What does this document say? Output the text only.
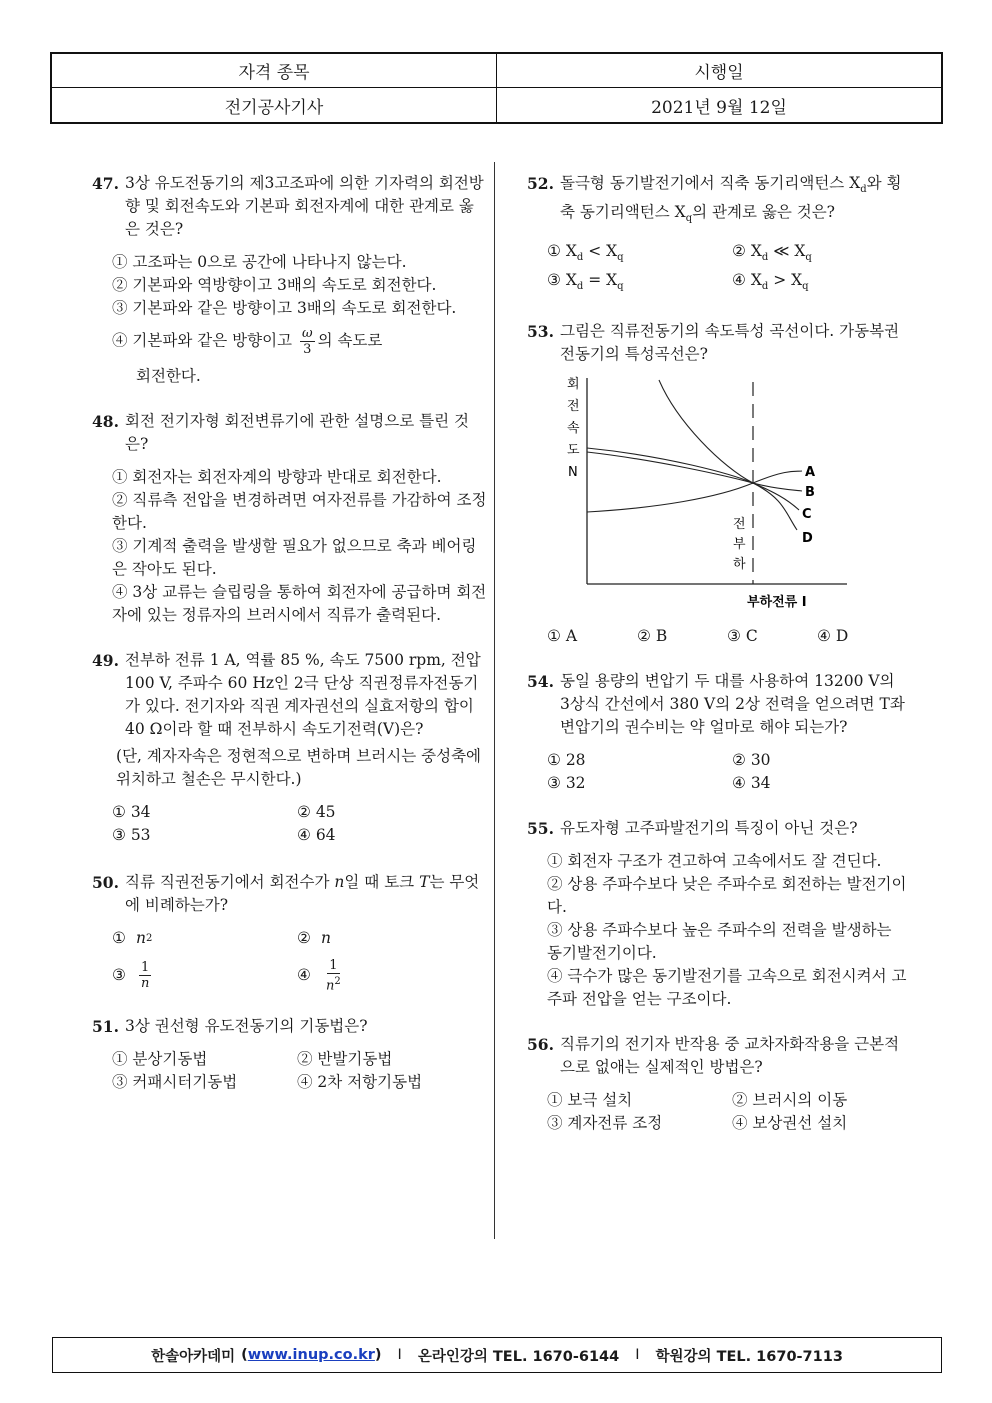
자격 종목	시행일
전기공사기사	2021년 9월 12일
47. 3상 유도전동기의 제3고조파에 의한 기자력의 회전방향 및 회전속도와 기본파 회전자계에 대한 관계로 옳은 것은?
① 고조파는 0으로 공간에 나타나지 않는다.
② 기본파와 역방향이고 3배의 속도로 회전한다.
③ 기본파와 같은 방향이고 3배의 속도로 회전한다.
④ 기본파와 같은 방향이고 $\frac{\omega}{3}$ 의 속도로
회전한다.
48. 회전 전기자형 회전변류기에 관한 설명으로 틀린 것은?
① 회전자는 회전자계의 방향과 반대로 회전한다.
② 직류측 전압을 변경하려면 여자전류를 가감하여 조정한다.
③ 기계적 출력을 발생할 필요가 없으므로 축과 베어링은 작아도 된다.
④ 3상 교류는 슬립링을 통하여 회전자에 공급하며 회전자에 있는 정류자의 브러시에서 직류가 출력된다.
49. 전부하 전류 1 A, 역률 85 %, 속도 7500 rpm, 전압 100 V, 주파수 60 Hz인 2극 단상 직권정류자전동기가 있다. 전기자와 직권 계자권선의 실효저항의 합이 40 Ω이라 할 때 전부하시 속도기전력(V)은?
(단, 계자자속은 정현적으로 변하며 브러시는 중성축에 위치하고 철손은 무시한다.)
① 34	② 45
③ 53	④ 64
50. 직류 직권전동기에서 회전수가 n일 때 토크 T는 무엇에 비례하는가?
① n 2	② n
③	$\frac{1}{n}$	④	$\frac{1}{n^2}$
51. 3상 권선형 유도전동기의 기동법은?
① 분상기동법	② 반발기동법
③ 커패시터기동법	④ 2차 저항기동법
52. 돌극형 동기발전기에서 직축 동기리액턴스 $X_d$와 횡축 동기리액턴스 $X_q$의 관계로 옳은 것은?
① $X_d < X_q$	② $X_d$ ≪ $X_q$
③ $X_d = X_q$	④ $X_d > X_q$
53. 그림은 직류전동기의 속도특성 곡선이다. 가동복권전동기의 특성곡선은?
회
전
속
도
N
전
부
하
A
B
C
D
부하전류 I
① A	② B	③ C	④ D
54. 동일 용량의 변압기 두 대를 사용하여 13200 V의 3상식 간선에서 380 V의 2상 전력을 얻으려면 T좌 변압기의 권수비는 약 얼마로 해야 되는가?
① 28	② 30
③ 32	④ 34
55. 유도자형 고주파발전기의 특징이 아닌 것은?
① 회전자 구조가 견고하여 고속에서도 잘 견딘다.
② 상용 주파수보다 낮은 주파수로 회전하는 발전기이다.
③ 상용 주파수보다 높은 주파수의 전력을 발생하는 동기발전기이다.
④ 극수가 많은 동기발전기를 고속으로 회전시켜서 고주파 전압을 얻는 구조이다.
56. 직류기의 전기자 반작용 중 교차자화작용을 근본적으로 없애는 실제적인 방법은?
① 보극 설치	② 브러시의 이동
③ 계자전류 조정	④ 보상권선 설치
한솔아카데미 (www.inup.co.kr) I 온라인강의 TEL. 1670-6144 I 학원강의 TEL. 1670-7113
